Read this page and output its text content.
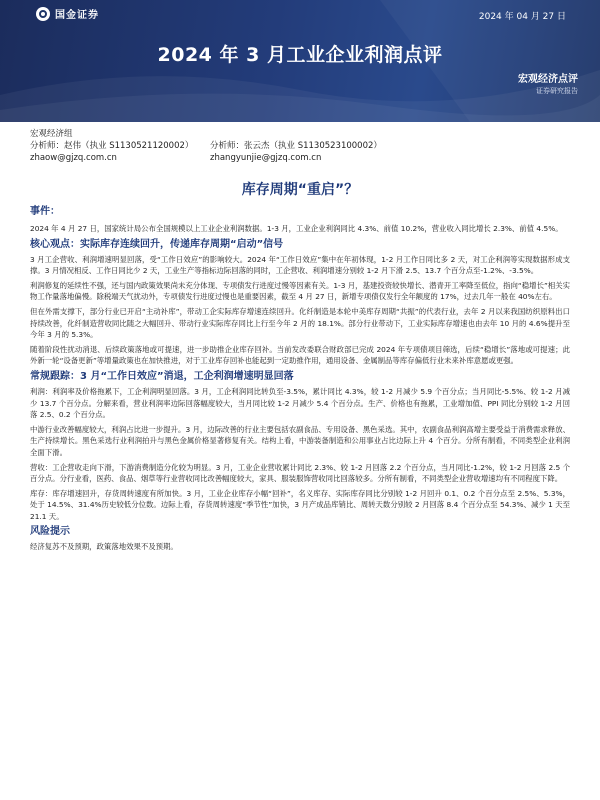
国金证券	2024 年 04 月 27 日
2024 年 3 月工业企业利润点评
宏观经济点评
证券研究报告
宏观经济组
分析师：赵伟（执业 S1130521120002）	分析师：张云杰（执业 S1130523100002）
zhaow@gjzq.com.cn	zhangyunjie@gjzq.com.cn
库存周期“重启”？
事件：
2024 年 4 月 27 日，国家统计局公布全国规模以上工业企业利润数据。1-3 月，工业企业利润同比 4.3%、前值 10.2%，营业收入同比增长 2.3%、前值 4.5%。
核心观点：实际库存连续回升，传递库存周期“启动”信号
3 月工企营收、利润增速明显回落，受“工作日效应”的影响较大。2024 年“工作日效应”集中在年初体现，1-2 月工作日同比多 2 天，对工企利润等实现数据形成支撑。3 月情况相反、工作日同比少 2 天，工业生产等指标边际回落的同时，工企营收、利润增速分别较 1-2 月下滑 2.5、13.7 个百分点至-1.2%、-3.5%。
利润修复的延续性不强，还与国内政策效果尚未充分体现、专项债发行进度过慢等因素有关。1-3 月，基建投资较快增长、潜青开工率降至低位，指向“稳增长”相关实物工作量落地偏慢。除税端天气扰动外，专项债发行进度过慢也是重要因素，截至 4 月 27 日，新增专项债仅发行全年额度的 17%，过去几年一般在 40%左右。
但在外需支撑下，部分行业已开启“主动补库”，带动工企实际库存增速连续回升。化纤制造是本轮中美库存周期“共振”的代表行业，去年 2 月以来我国纺织原料出口持续改善，化纤制造营收同比随之大幅回升、带动行业实际库存同比上行至今年 2 月的 18.1%。部分行业带动下，工业实际库存增速也由去年 10 月的 4.6%提升至今年 3 月的 5.3%。
随着阶段性扰动消退、后续政策落地或可提速，进一步助推企业库存回补。当前发改委联合财政部已完成 2024 年专项债项目筛选，后续“稳增长”落地或可提速；此外新一轮“设备更新”等增量政策也在加快推进，对于工业库存回补也能起到一定助推作用，通用设备、金属制品等库存偏低行业未来补库意愿或更强。
常规跟踪：3 月“工作日效应”消退，工企利润增速明显回落
利润：利润率及价格拖累下，工企利润明显回落。3 月，工企利润同比转负至-3.5%，累计同比 4.3%，较 1-2 月减少 5.9 个百分点；当月同比-5.5%、较 1-2 月减少 13.7 个百分点。分解来看，营业利润率边际回落幅度较大，当月同比较 1-2 月减少 5.4 个百分点。生产、价格也有拖累，工业增加值、PPI 同比分别较 1-2 月回落 2.5、0.2 个百分点。
中游行业改善幅度较大，利润占比进一步提升。3 月，边际改善的行业主要包括农副食品、专用设备、黑色采选。其中，农副食品利润高增主要受益于消费需求释放、生产持续增长。黑色采选行业利润拍升与黑色金属价格显著修复有关。结构上看，中游装备制造和公用事业占比边际上升 4 个百分。分所有制看，不同类型企业利润全面下滑。
营收：工企营收走向下滑，下游消费制造分化较为明显。3 月，工业企业营收累计同比 2.3%、较 1-2 月回落 2.2 个百分点，当月同比-1.2%，较 1-2 月回落 2.5 个百分点。分行业看，医药、食品、烟草等行业营收同比改善幅度较大，家具、服装服饰营收同比回落较多。分所有制看，不同类型企业营收增速均有不同程度下降。
库存：库存增速回升，存货周转速度有所加快。3 月，工业企业库存小幅“回补”，名义库存、实际库存同比分别较 1-2 月回升 0.1、0.2 个百分点至 2.5%、5.3%，处于 14.5%、31.4%历史较低分位数。边际上看，存货周转速度“季节性”加快，3 月产成品库销比、周转天数分别较 2 月回落 8.4 个百分点至 54.3%、减少 1 天至 21.1 天。
风险提示
经济复苏不及预期，政策落地效果不及预期。
